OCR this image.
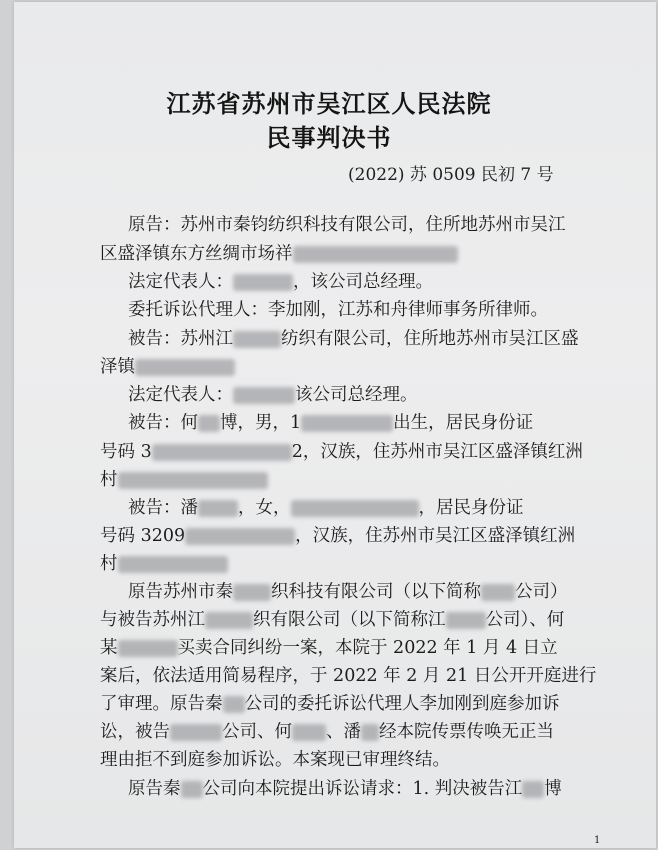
江苏省苏州市吴江区人民法院
民事判决书
(2022) 苏 0509 民初 7 号
原告：苏州市秦钧纺织科技有限公司，住所地苏州市吴江
区盛泽镇东方丝绸市场祥
法定代表人：	，该公司总经理。
委托诉讼代理人：李加刚，江苏和舟律师事务所律师。
被告：苏州江	纺织有限公司，住所地苏州市吴江区盛
泽镇
法定代表人：	该公司总经理。
被告：何 博，男，1	出生，居民身份证
号码 3	2，汉族，住苏州市吴江区盛泽镇红洲
村
被告：潘 ，女，	，居民身份证
号码 3209	，汉族，住苏州市吴江区盛泽镇红洲
村
原告苏州市秦 织科技有限公司（以下简称 公司）
与被告苏州江	织有限公司（以下简称江 公司）、何
某	买卖合同纠纷一案，本院于 2022 年 1 月 4 日立
案后，依法适用简易程序，于 2022 年 2 月 21 日公开开庭进行
了审理。原告秦 公司的委托诉讼代理人李加刚到庭参加诉
讼，被告	公司、何 、潘 经本院传票传唤无正当
理由拒不到庭参加诉讼。本案现已审理终结。
原告秦 公司向本院提出诉讼请求：1. 判决被告江 博
1
